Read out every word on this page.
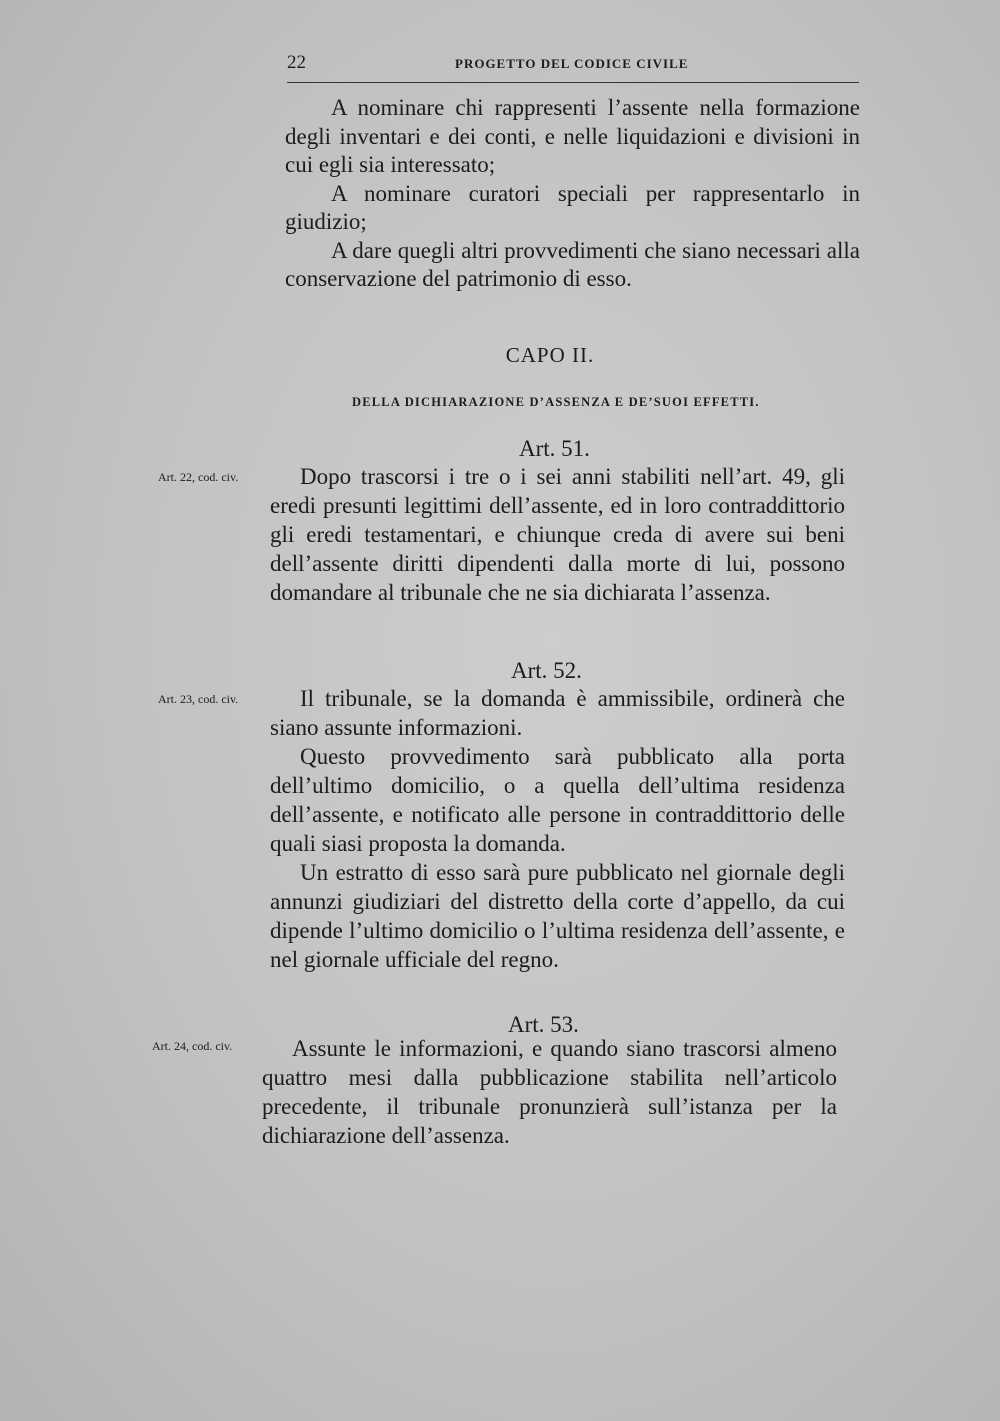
22	PROGETTO DEL CODICE CIVILE

A nominare chi rappresenti l’assente nella formazione degli inventari e dei conti, e nelle liquidazioni e divisioni in cui egli sia interessato;

A nominare curatori speciali per rappresentarlo in giudizio;

A dare quegli altri provvedimenti che siano necessari alla conservazione del patrimonio di esso.

CAPO II.
DELLA DICHIARAZIONE D’ASSENZA E DE’SUOI EFFETTI.
Art. 51.
Art. 22, cod. civ.	Dopo trascorsi i tre o i sei anni stabiliti nell’art. 49, gli eredi presunti legittimi dell’assente, ed in loro contraddittorio gli eredi testamentari, e chiunque creda di avere sui beni dell’assente diritti dipendenti dalla morte di lui, possono domandare al tribunale che ne sia dichiarata l’assenza.

Art. 52.
Art. 23, cod. civ.	Il tribunale, se la domanda è ammissibile, ordinerà che siano assunte informazioni.

Questo provvedimento sarà pubblicato alla porta dell’ultimo domicilio, o a quella dell’ultima residenza dell’assente, e notificato alle persone in contraddittorio delle quali siasi proposta la domanda.

Un estratto di esso sarà pure pubblicato nel giornale degli annunzi giudiziari del distretto della corte d’appello, da cui dipende l’ultimo domicilio o l’ultima residenza dell’assente, e nel giornale ufficiale del regno.

Art. 53.
Art. 24, cod. civ.	Assunte le informazioni, e quando siano trascorsi almeno quattro mesi dalla pubblicazione stabilita nell’articolo precedente, il tribunale pronunzierà sull’istanza per la dichiarazione dell’assenza.
